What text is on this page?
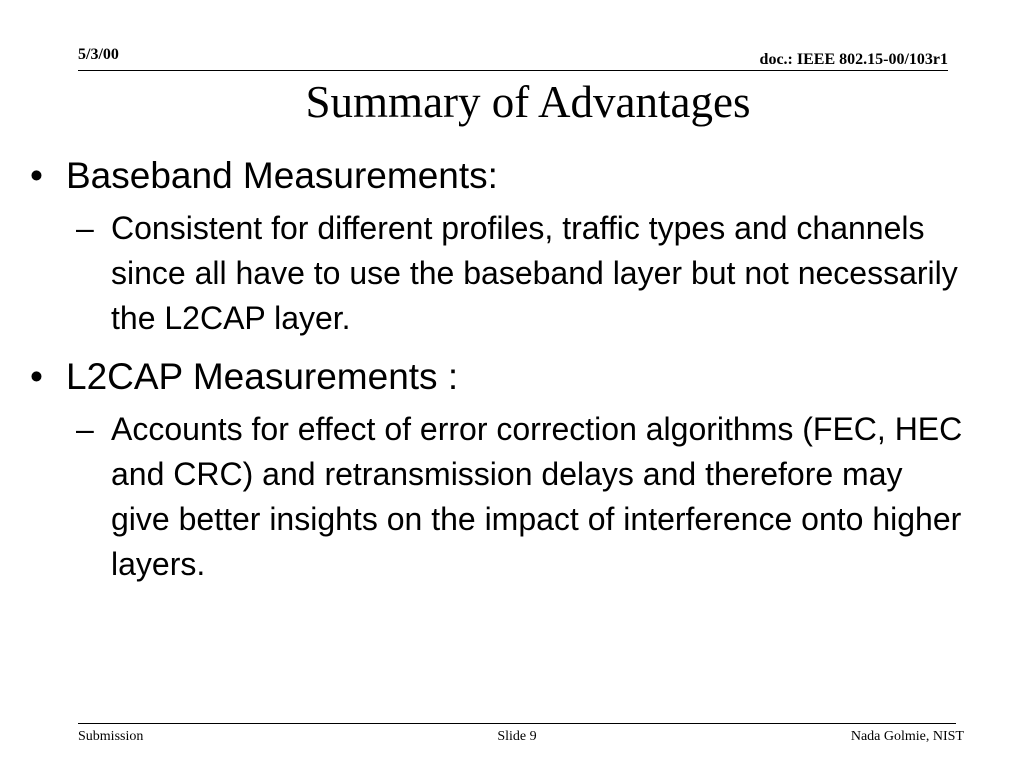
5/3/00	doc.: IEEE 802.15-00/103r1
Summary of Advantages
• Baseband Measurements:
– Consistent for different profiles, traffic types and channels since all have to use the baseband layer but not necessarily the L2CAP layer.
• L2CAP Measurements :
– Accounts for effect of error correction algorithms (FEC, HEC and CRC) and retransmission delays and therefore may give better insights on the impact of interference onto higher layers.
Submission	Slide 9	Nada Golmie, NIST
